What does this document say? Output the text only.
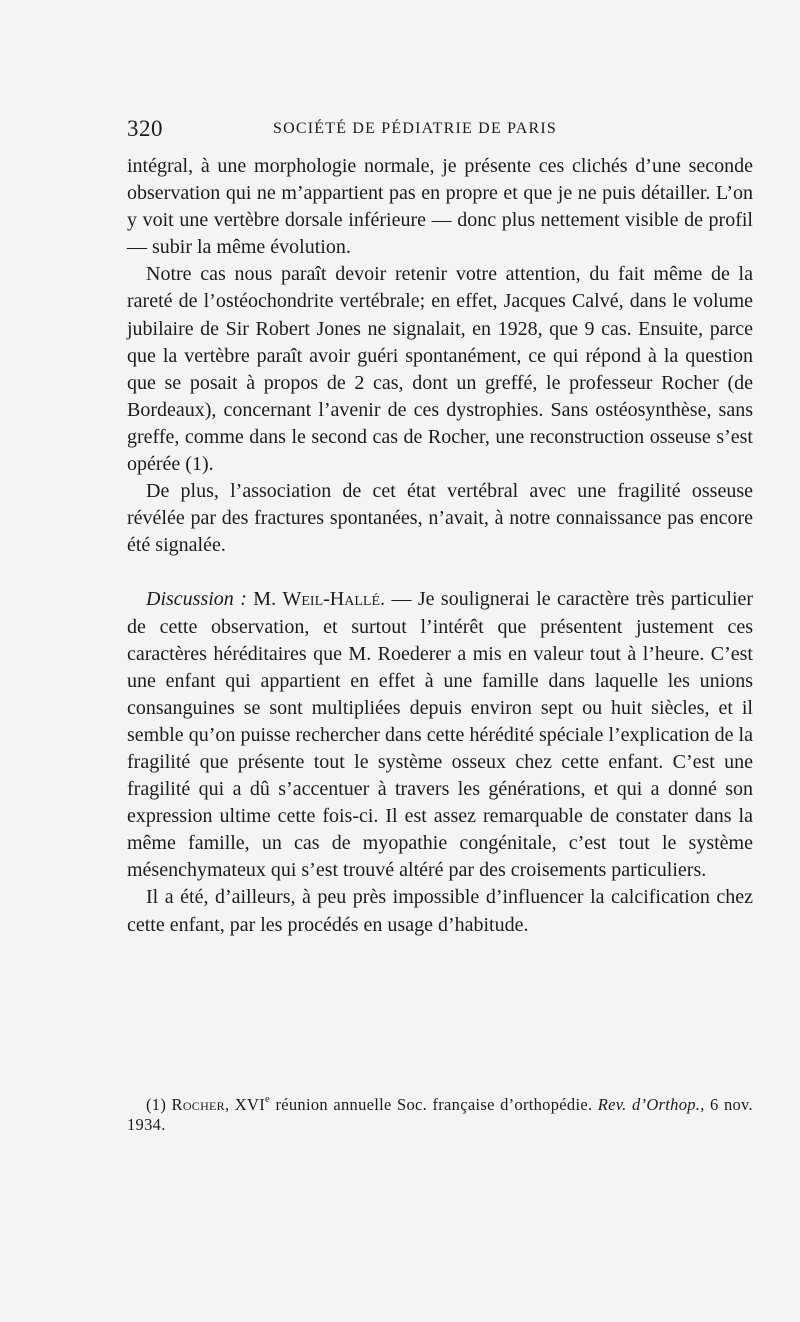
320	SOCIÉTÉ DE PÉDIATRIE DE PARIS

intégral, à une morphologie normale, je présente ces clichés d’une seconde observation qui ne m’appartient pas en propre et que je ne puis détailler. L’on y voit une vertèbre dorsale inférieure — donc plus nettement visible de profil — subir la même évolution.

Notre cas nous paraît devoir retenir votre attention, du fait même de la rareté de l’ostéochondrite vertébrale; en effet, Jacques Calvé, dans le volume jubilaire de Sir Robert Jones ne signalait, en 1928, que 9 cas. Ensuite, parce que la vertèbre paraît avoir guéri spontanément, ce qui répond à la question que se posait à propos de 2 cas, dont un greffé, le professeur Rocher (de Bordeaux), concernant l’avenir de ces dystrophies. Sans ostéosynthèse, sans greffe, comme dans le second cas de Rocher, une reconstruction osseuse s’est opérée (1).

De plus, l’association de cet état vertébral avec une fragilité osseuse révélée par des fractures spontanées, n’avait, à notre connaissance pas encore été signalée.

Discussion : M. Weil-Hallé. — Je soulignerai le caractère très particulier de cette observation, et surtout l’intérêt que présentent justement ces caractères héréditaires que M. Roederer a mis en valeur tout à l’heure. C’est une enfant qui appartient en effet à une famille dans laquelle les unions consanguines se sont multipliées depuis environ sept ou huit siècles, et il semble qu’on puisse rechercher dans cette hérédité spéciale l’explication de la fragilité que présente tout le système osseux chez cette enfant. C’est une fragilité qui a dû s’accentuer à travers les générations, et qui a donné son expression ultime cette fois-ci. Il est assez remarquable de constater dans la même famille, un cas de myopathie congénitale, c’est tout le système mésenchymateux qui s’est trouvé altéré par des croisements particuliers.

Il a été, d’ailleurs, à peu près impossible d’influencer la calcification chez cette enfant, par les procédés en usage d’habitude.

(1) Rocher, XVIe réunion annuelle Soc. française d’orthopédie. Rev. d’Orthop., 6 nov. 1934.
